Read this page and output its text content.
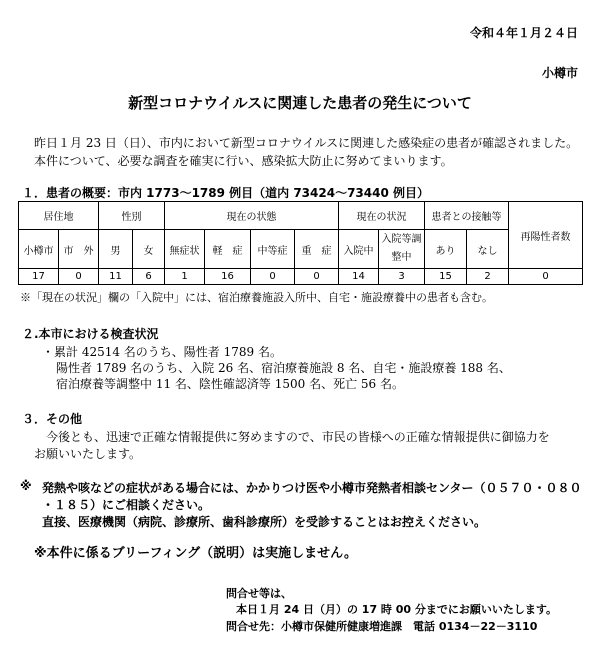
令和４年１月２４日
小樽市
新型コロナウイルスに関連した患者の発生について
昨日１月 23 日（日）、市内において新型コロナウイルスに関連した感染症の患者が確認されました。
本件について、必要な調査を確実に行い、感染拡大防止に努めてまいります。
１．患者の概要：市内 1773～1789 例目（道内 73424～73440 例目）
居住地		性別		現在の状態				現在の状況		患者との接触等		再陽性者数
小樽市	市　外	男	女	無症状	軽　症	中等症	重　症	入院中	入院等調整中	あり	なし	
17	0	11	6	1	16	0	0	14	3	15	2	0
※「現在の状況」欄の「入院中」には、宿泊療養施設入所中、自宅・施設療養中の患者も含む。
２.本市における検査状況
・累計 42514 名のうち、陽性者 1789 名。
陽性者 1789 名のうち、入院 26 名、宿泊療養施設 8 名、自宅・施設療養 188 名、
宿泊療養等調整中 11 名、陰性確認済等 1500 名、死亡 56 名。
３．その他
今後とも、迅速で正確な情報提供に努めますので、市民の皆様への正確な情報提供に御協力を
お願いいたします。
※ 発熱や咳などの症状がある場合には、かかりつけ医や小樽市発熱者相談センター（０５７０・０８０
・１８５）にご相談ください。
直接、医療機関（病院、診療所、歯科診療所）を受診することはお控えください。
※本件に係るブリーフィング（説明）は実施しません。
問合せ等は、
本日１月 24 日（月）の 17 時 00 分までにお願いいたします。
問合せ先：小樽市保健所健康増進課　電話 0134－22－3110
